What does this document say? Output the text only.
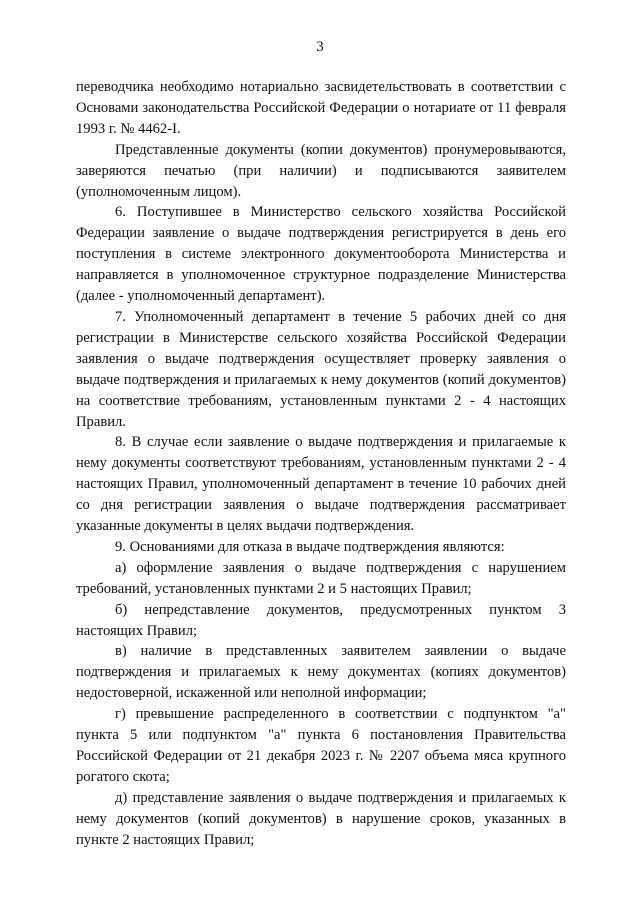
3

переводчика необходимо нотариально засвидетельствовать в соответствии с Основами законодательства Российской Федерации о нотариате от 11 февраля 1993 г. № 4462-I.

Представленные документы (копии документов) пронумеровываются, заверяются печатью (при наличии) и подписываются заявителем (уполномоченным лицом).

6. Поступившее в Министерство сельского хозяйства Российской Федерации заявление о выдаче подтверждения регистрируется в день его поступления в системе электронного документооборота Министерства и направляется в уполномоченное структурное подразделение Министерства (далее - уполномоченный департамент).

7. Уполномоченный департамент в течение 5 рабочих дней со дня регистрации в Министерстве сельского хозяйства Российской Федерации заявления о выдаче подтверждения осуществляет проверку заявления о выдаче подтверждения и прилагаемых к нему документов (копий документов) на соответствие требованиям, установленным пунктами 2 - 4 настоящих Правил.

8. В случае если заявление о выдаче подтверждения и прилагаемые к нему документы соответствуют требованиям, установленным пунктами 2 - 4 настоящих Правил, уполномоченный департамент в течение 10 рабочих дней со дня регистрации заявления о выдаче подтверждения рассматривает указанные документы в целях выдачи подтверждения.

9. Основаниями для отказа в выдаче подтверждения являются:

а) оформление заявления о выдаче подтверждения с нарушением требований, установленных пунктами 2 и 5 настоящих Правил;

б) непредставление документов, предусмотренных пунктом 3 настоящих Правил;

в) наличие в представленных заявителем заявлении о выдаче подтверждения и прилагаемых к нему документах (копиях документов) недостоверной, искаженной или неполной информации;

г) превышение распределенного в соответствии с подпунктом "а" пункта 5 или подпунктом "а" пункта 6 постановления Правительства Российской Федерации от 21 декабря 2023 г. № 2207 объема мяса крупного рогатого скота;

д) представление заявления о выдаче подтверждения и прилагаемых к нему документов (копий документов) в нарушение сроков, указанных в пункте 2 настоящих Правил;
